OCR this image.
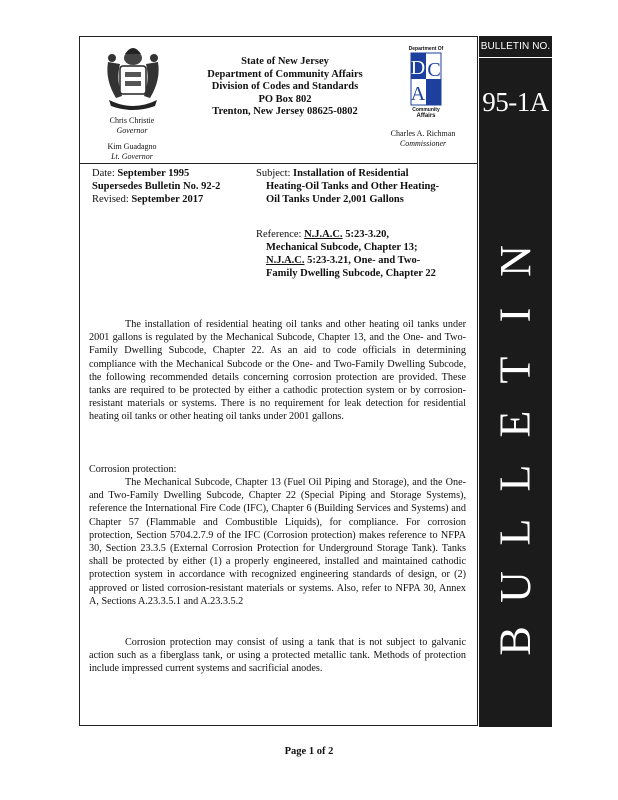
Chris Christie
Governor
Kim Guadagno
Lt. Governor
State of New Jersey
Department of Community Affairs
Division of Codes and Standards
PO Box 802
Trenton, New Jersey 08625-0802
Department Of
D C
A
Community
Affairs
Charles A. Richman
Commissioner
Date: September 1995
Supersedes Bulletin No. 92-2
Revised: September 2017
Subject: Installation of Residential
Heating-Oil Tanks and Other Heating-
Oil Tanks Under 2,001 Gallons
Reference: N.J.A.C. 5:23-3.20,
Mechanical Subcode, Chapter 13;
N.J.A.C. 5:23-3.21, One- and Two-
Family Dwelling Subcode, Chapter 22
The installation of residential heating oil tanks and other heating oil tanks under 2001 gallons is regulated by the Mechanical Subcode, Chapter 13, and the One- and Two-Family Dwelling Subcode, Chapter 22. As an aid to code officials in determining compliance with the Mechanical Subcode or the One- and Two-Family Dwelling Subcode, the following recommended details concerning corrosion protection are provided. These tanks are required to be protected by either a cathodic protection system or by corrosion-resistant materials or systems. There is no requirement for leak detection for residential heating oil tanks or other heating oil tanks under 2001 gallons.
Corrosion protection:
The Mechanical Subcode, Chapter 13 (Fuel Oil Piping and Storage), and the One- and Two-Family Dwelling Subcode, Chapter 22 (Special Piping and Storage Systems), reference the International Fire Code (IFC), Chapter 6 (Building Services and Systems) and Chapter 57 (Flammable and Combustible Liquids), for compliance. For corrosion protection, Section 5704.2.7.9 of the IFC (Corrosion protection) makes reference to NFPA 30, Section 23.3.5 (External Corrosion Protection for Underground Storage Tank). Tanks shall be protected by either (1) a properly engineered, installed and maintained cathodic protection system in accordance with recognized engineering standards of design, or (2) approved or listed corrosion-resistant materials or systems. Also, refer to NFPA 30, Annex A, Sections A.23.3.5.1 and A.23.3.5.2
Corrosion protection may consist of using a tank that is not subject to galvanic action such as a fiberglass tank, or using a protected metallic tank. Methods of protection include impressed current systems and sacrificial anodes.
BULLETIN NO.
95-1A
N
I
T
E
L
L
U
B
Page 1 of 2
